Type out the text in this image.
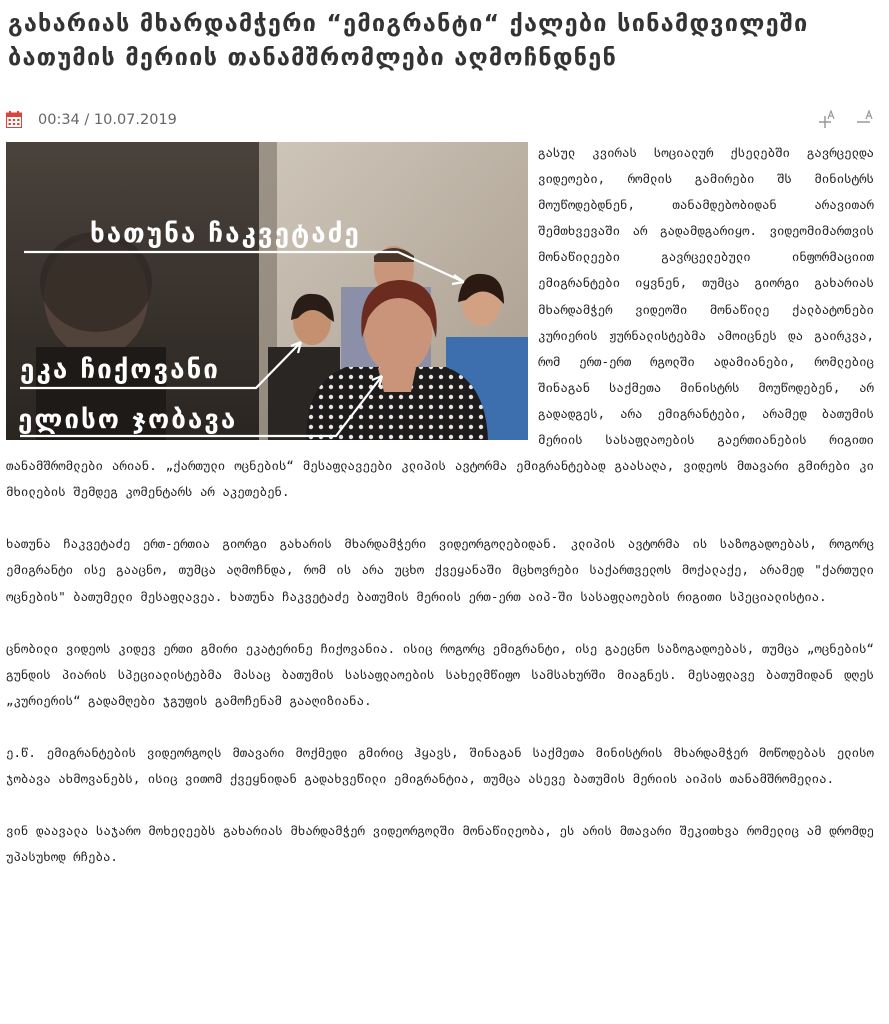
გახარიას მხარდამჭერი “ემიგრანტი“ ქალები სინამდვილეში ბათუმის მერიის თანამშრომლები აღმოჩნდნენ
00:34 / 10.07.2019
ხათუნა ჩაკვეტაძე
ეკა ჩიქოვანი
ელისო ჯობავა

გასულ კვირას სოციალურ ქსელებში გავრცელდა ვიდეოები, რომლის გამირები შს მინისტრს მოუწოდებდნენ, თანამდებობიდან არავითარ შემთხვევაში არ გადამდგარიყო. ვიდეომიმართვის მონაწილეები გავრცელებული ინფორმაციით ემიგრანტები იყვნენ, თუმცა გიორგი გახარიას მხარდამჭერ ვიდეოში მონაწილე ქალბატონები კურიერის ჟურნალისტებმა ამოიცნეს და გაირკვა, რომ ერთ-ერთ რგოლში ადამიანები, რომლებიც შინაგან საქმეთა მინისტრს მოუწოდებენ, არ გადადგეს, არა ემიგრანტები, არამედ ბათუმის მერიის სასაფლაოების გაერთიანების რიგითი თანამშრომლები არიან. „ქართული ოცნების“ მესაფლავეები კლიპის ავტორმა ემიგრანტებად გაასაღა, ვიდეოს მთავარი გმირები კი მხილების შემდეგ კომენტარს არ აკეთებენ.

ხათუნა ჩაკვეტაძე ერთ-ერთია გიორგი გახარის მხარდამჭერი ვიდეორგოლებიდან. კლიპის ავტორმა ის საზოგადოებას, როგორც ემიგრანტი ისე გააცნო, თუმცა აღმოჩნდა, რომ ის არა უცხო ქვეყანაში მცხოვრები საქართველოს მოქალაქე, არამედ "ქართული ოცნების" ბათუმელი მესაფლავეა. ხათუნა ჩაკვეტაძე ბათუმის მერიის ერთ-ერთ აიპ-ში სასაფლაოების რიგითი სპეციალისტია.

ცნობილი ვიდეოს კიდევ ერთი გმირი ეკატერინე ჩიქოვანია. ისიც როგორც ემიგრანტი, ისე გაეცნო საზოგადოებას, თუმცა „ოცნების“ გუნდის პიარის სპეციალისტებმა მასაც ბათუმის სასაფლაოების სახელმწიფო სამსახურში მიაგნეს. მესაფლავე ბათუმიდან დღეს „კურიერის“ გადამღები ჯგუფის გამოჩენამ გააღიზიანა.

ე.წ. ემიგრანტების ვიდეორგოლს მთავარი მოქმედი გმირიც ჰყავს, შინაგან საქმეთა მინისტრის მხარდამჭერ მოწოდებას ელისო ჯობავა ახმოვანებს, ისიც ვითომ ქვეყნიდან გადახვეწილი ემიგრანტია, თუმცა ასევე ბათუმის მერიის აიპის თანამშრომელია.

ვინ დაავალა საჯარო მოხელეებს გახარიას მხარდამჭერ ვიდეორგოლში მონაწილეობა, ეს არის მთავარი შეკითხვა რომელიც ამ დრომდე უპასუხოდ რჩება.
